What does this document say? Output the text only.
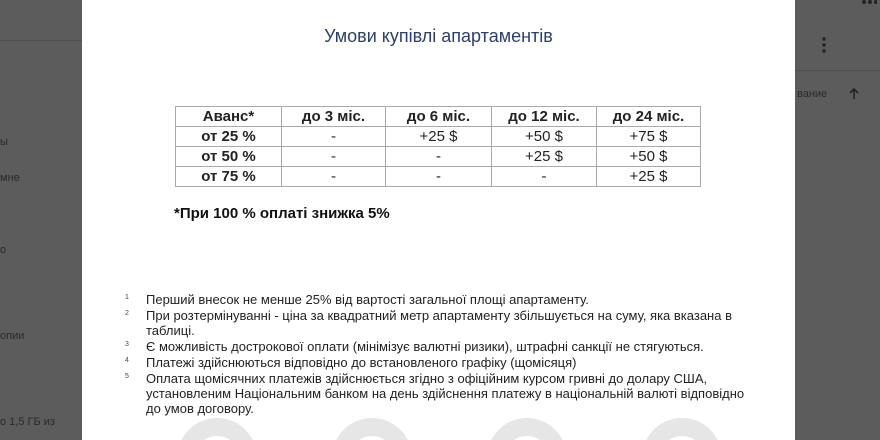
ы
мне
о
опии
о 1,5 ГБ из
вание
Умови купівлі апартаментів
Аванс*	до 3 міс.	до 6 міс.	до 12 міс.	до 24 міс.
от 25 %	-	+25 $	+50 $	+75 $
от 50 %	-	-	+25 $	+50 $
от 75 %	-	-	-	+25 $
*При 100 % оплаті знижка 5%
1 Перший внесок не менше 25% від вартості загальної площі апартаменту.
2 При розтермінуванні - ціна за квадратний метр апартаменту збільшується на суму, яка вказана в таблиці.
3 Є можливість дострокової оплати (мінімізує валютні ризики), штрафні санкції не стягуються.
4 Платежі здійснюються відповідно до встановленого графіку (щомісяця)
5 Оплата щомісячних платежів здійснюється згідно з офіційним курсом гривні до долару США, установленим Національним банком на день здійснення платежу в національній валюті відповідно до умов договору.
